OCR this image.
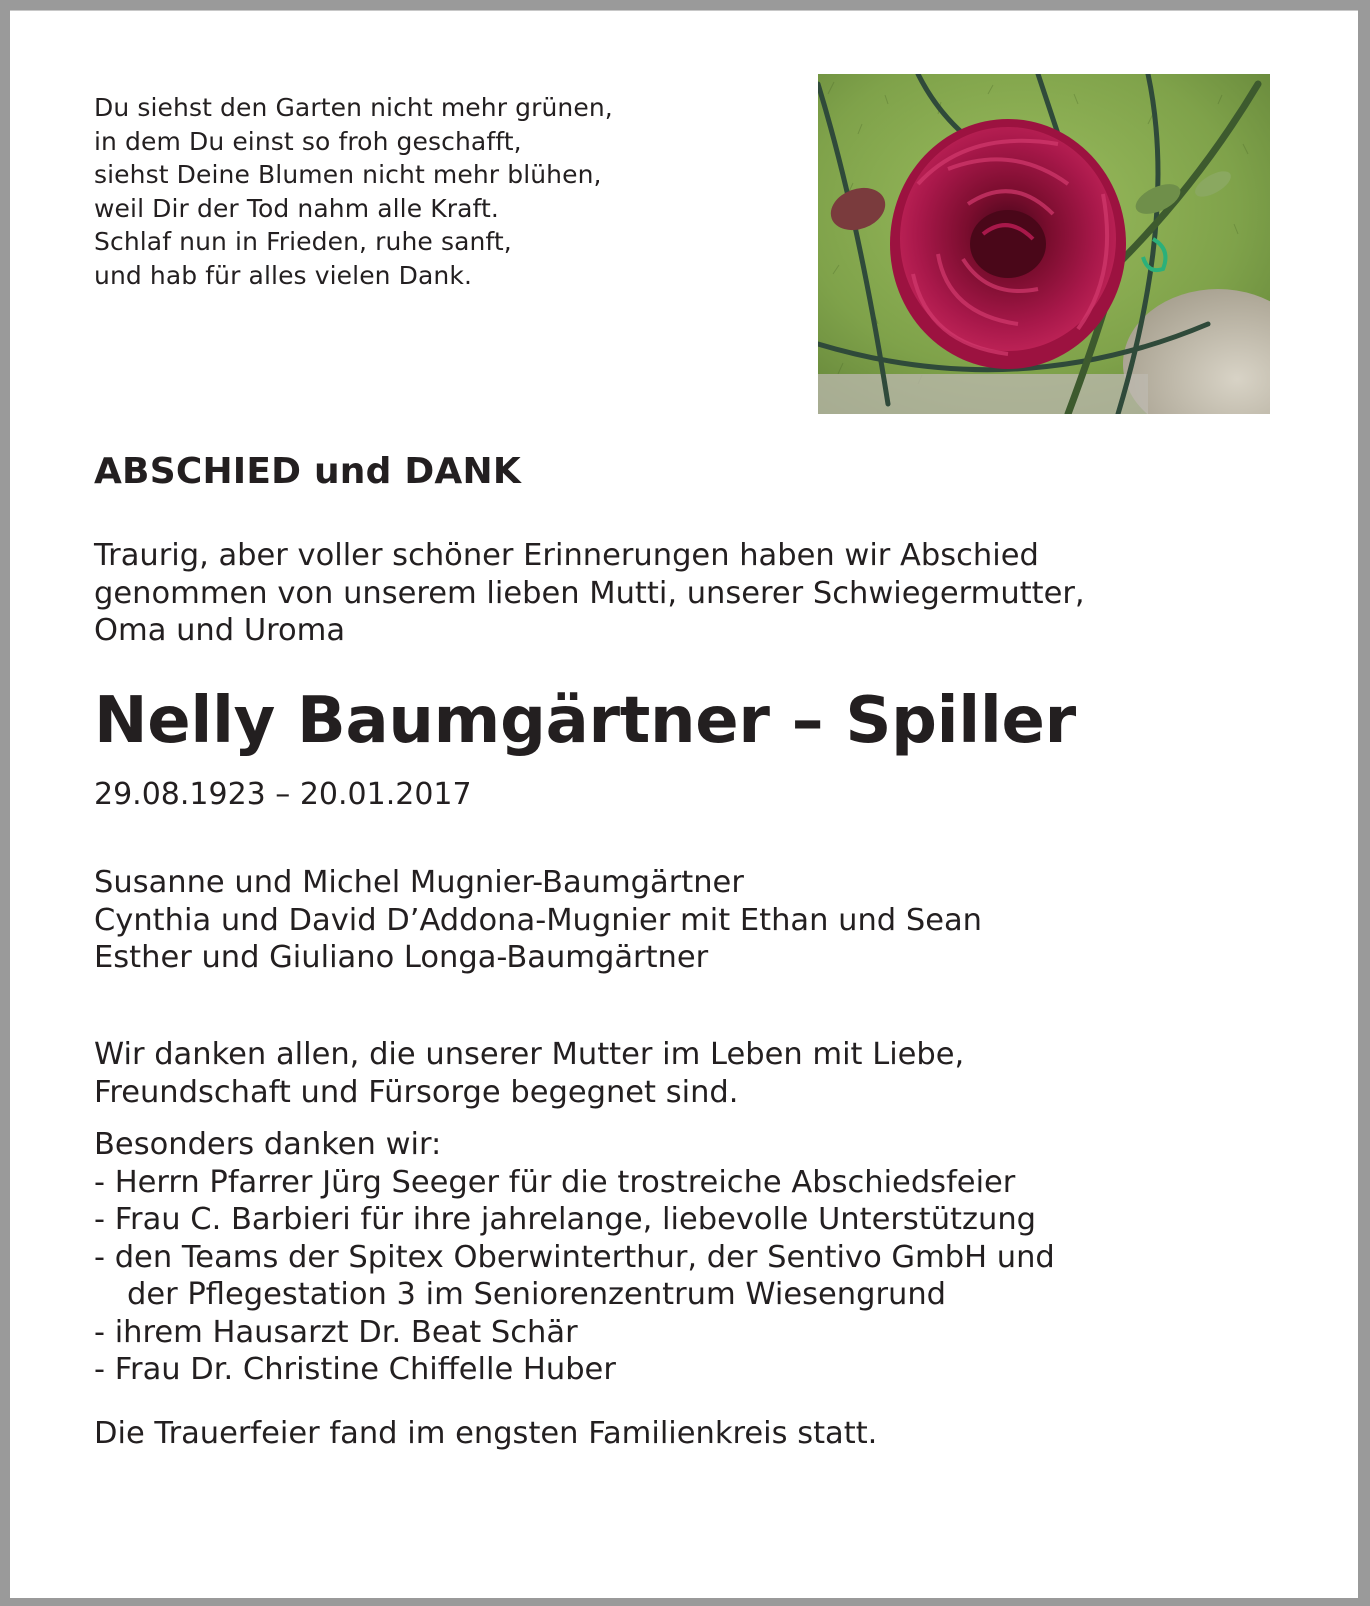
Du siehst den Garten nicht mehr grünen,
in dem Du einst so froh geschafft,
siehst Deine Blumen nicht mehr blühen,
weil Dir der Tod nahm alle Kraft.
Schlaf nun in Frieden, ruhe sanft,
und hab für alles vielen Dank.
ABSCHIED und DANK
Traurig, aber voller schöner Erinnerungen haben wir Abschied
genommen von unserem lieben Mutti, unserer Schwiegermutter,
Oma und Uroma
Nelly Baumgärtner – Spiller
29.08.1923 – 20.01.2017
Susanne und Michel Mugnier-Baumgärtner
Cynthia und David D’Addona-Mugnier mit Ethan und Sean
Esther und Giuliano Longa-Baumgärtner
Wir danken allen, die unserer Mutter im Leben mit Liebe,
Freundschaft und Fürsorge begegnet sind.
Besonders danken wir:
- Herrn Pfarrer Jürg Seeger für die trostreiche Abschiedsfeier
- Frau C. Barbieri für ihre jahrelange, liebevolle Unterstützung
- den Teams der Spitex Oberwinterthur, der Sentivo GmbH und
der Pflegestation 3 im Seniorenzentrum Wiesengrund
- ihrem Hausarzt Dr. Beat Schär
- Frau Dr. Christine Chiffelle Huber
Die Trauerfeier fand im engsten Familienkreis statt.
